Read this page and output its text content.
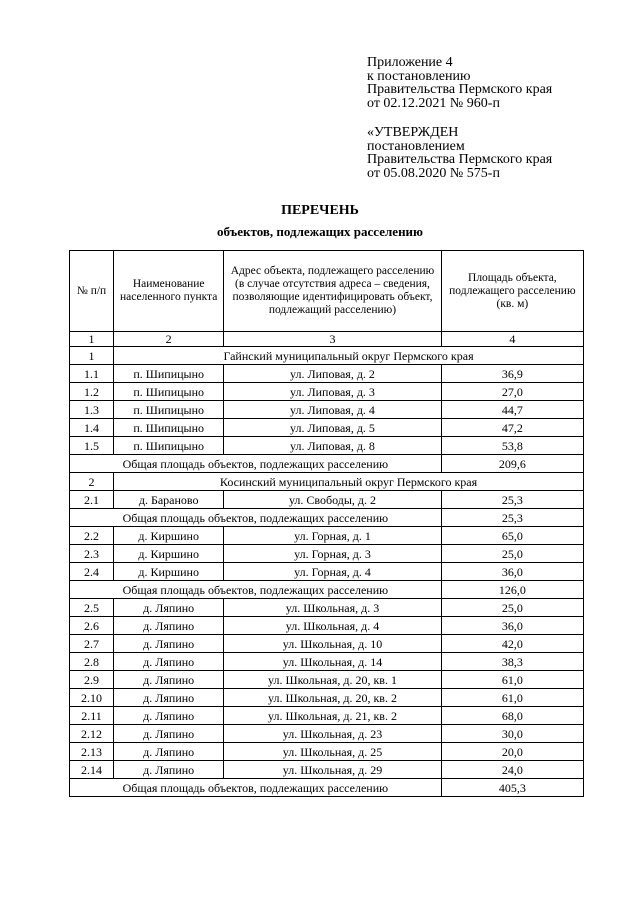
Приложение 4
к постановлению
Правительства Пермского края
от 02.12.2021 № 960-п
«УТВЕРЖДЕН
постановлением
Правительства Пермского края
от 05.08.2020 № 575-п
ПЕРЕЧЕНЬ
объектов, подлежащих расселению
№ п/п	Наименование населенного пункта	Адрес объекта, подлежащего расселению (в случае отсутствия адреса – сведения, позволяющие идентифицировать объект, подлежащий расселению)	Площадь объекта, подлежащего расселению (кв. м)
1	2	3	4
1	Гайнский муниципальный округ Пермского края		
1.1	п. Шипицыно	ул. Липовая, д. 2	36,9
1.2	п. Шипицыно	ул. Липовая, д. 3	27,0
1.3	п. Шипицыно	ул. Липовая, д. 4	44,7
1.4	п. Шипицыно	ул. Липовая, д. 5	47,2
1.5	п. Шипицыно	ул. Липовая, д. 8	53,8
Общая площадь объектов, подлежащих расселению			209,6
2	Косинский муниципальный округ Пермского края		
2.1	д. Бараново	ул. Свободы, д. 2	25,3
Общая площадь объектов, подлежащих расселению			25,3
2.2	д. Киршино	ул. Горная, д. 1	65,0
2.3	д. Киршино	ул. Горная, д. 3	25,0
2.4	д. Киршино	ул. Горная, д. 4	36,0
Общая площадь объектов, подлежащих расселению			126,0
2.5	д. Ляпино	ул. Школьная, д. 3	25,0
2.6	д. Ляпино	ул. Школьная, д. 4	36,0
2.7	д. Ляпино	ул. Школьная, д. 10	42,0
2.8	д. Ляпино	ул. Школьная, д. 14	38,3
2.9	д. Ляпино	ул. Школьная, д. 20, кв. 1	61,0
2.10	д. Ляпино	ул. Школьная, д. 20, кв. 2	61,0
2.11	д. Ляпино	ул. Школьная, д. 21, кв. 2	68,0
2.12	д. Ляпино	ул. Школьная, д. 23	30,0
2.13	д. Ляпино	ул. Школьная, д. 25	20,0
2.14	д. Ляпино	ул. Школьная, д. 29	24,0
Общая площадь объектов, подлежащих расселению			405,3
